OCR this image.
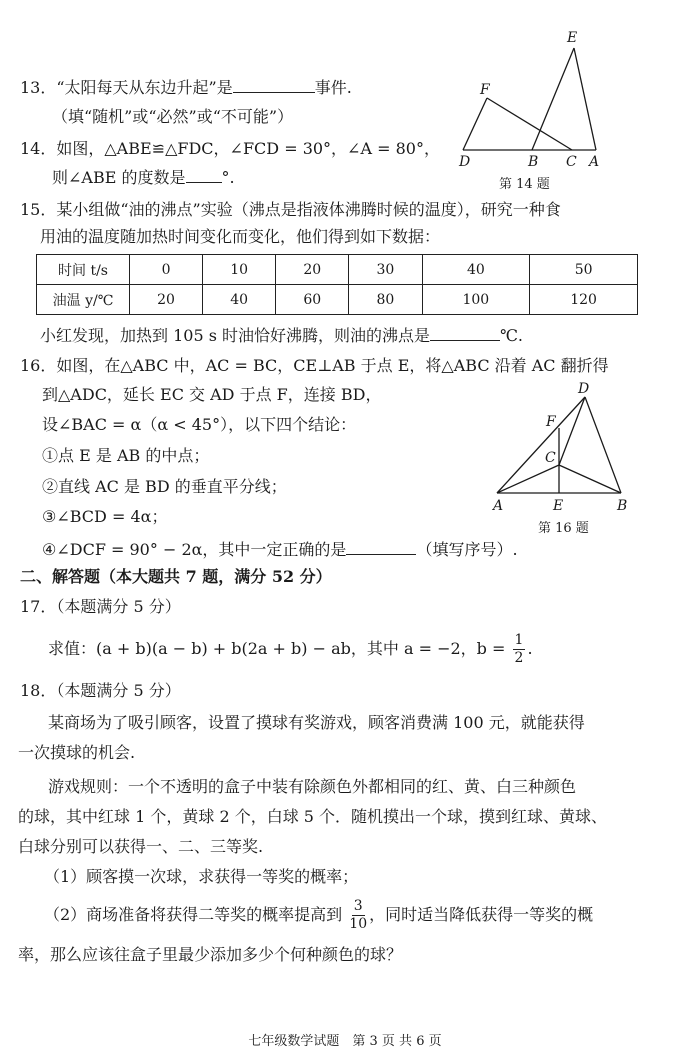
13．“太阳每天从东边升起”是	事件.
（填“随机”或“必然”或“不可能”）
14．如图，△ABE≌△FDC，∠FCD = 30°，∠A = 80°，
则∠ABE 的度数是 °.
E
F
D	B C A
第 14 题
15．某小组做“油的沸点”实验（沸点是指液体沸腾时候的温度），研究一种食
用油的温度随加热时间变化而变化，他们得到如下数据：
时间 t/s	0	10	20	30	40	50
油温 y/℃	20	40	60	80	100	120
小红发现，加热到 105 s 时油恰好沸腾，则油的沸点是	℃.
16．如图，在△ABC 中，AC = BC，CE⊥AB 于点 E，将△ABC 沿着 AC 翻折得
到△ADC，延长 EC 交 AD 于点 F，连接 BD，
设∠BAC = α（α < 45°），以下四个结论：
①点 E 是 AB 的中点；
②直线 AC 是 BD 的垂直平分线；
③∠BCD = 4α；
④∠DCF = 90° − 2α，其中一定正确的是	（填写序号）.
D
F
C
A	E	B
第 16 题
二、解答题（本大题共 7 题，满分 52 分）
17．（本题满分 5 分）
求值：(a + b)(a − b) + b(2a + b) − ab，其中 a = −2，$b = \frac{1}{2}$ .
18．（本题满分 5 分）
某商场为了吸引顾客，设置了摸球有奖游戏，顾客消费满 100 元，就能获得
一次摸球的机会.
游戏规则：一个不透明的盒子中装有除颜色外都相同的红、黄、白三种颜色
的球，其中红球 1 个，黄球 2 个，白球 5 个．随机摸出一个球，摸到红球、黄球、
白球分别可以获得一、二、三等奖.
（1）顾客摸一次球，求获得一等奖的概率；
（2）商场准备将获得二等奖的概率提高到 $\frac{3}{10}$ ，同时适当降低获得一等奖的概
率，那么应该往盒子里最少添加多少个何种颜色的球？
七年级数学试题　第 3 页 共 6 页
